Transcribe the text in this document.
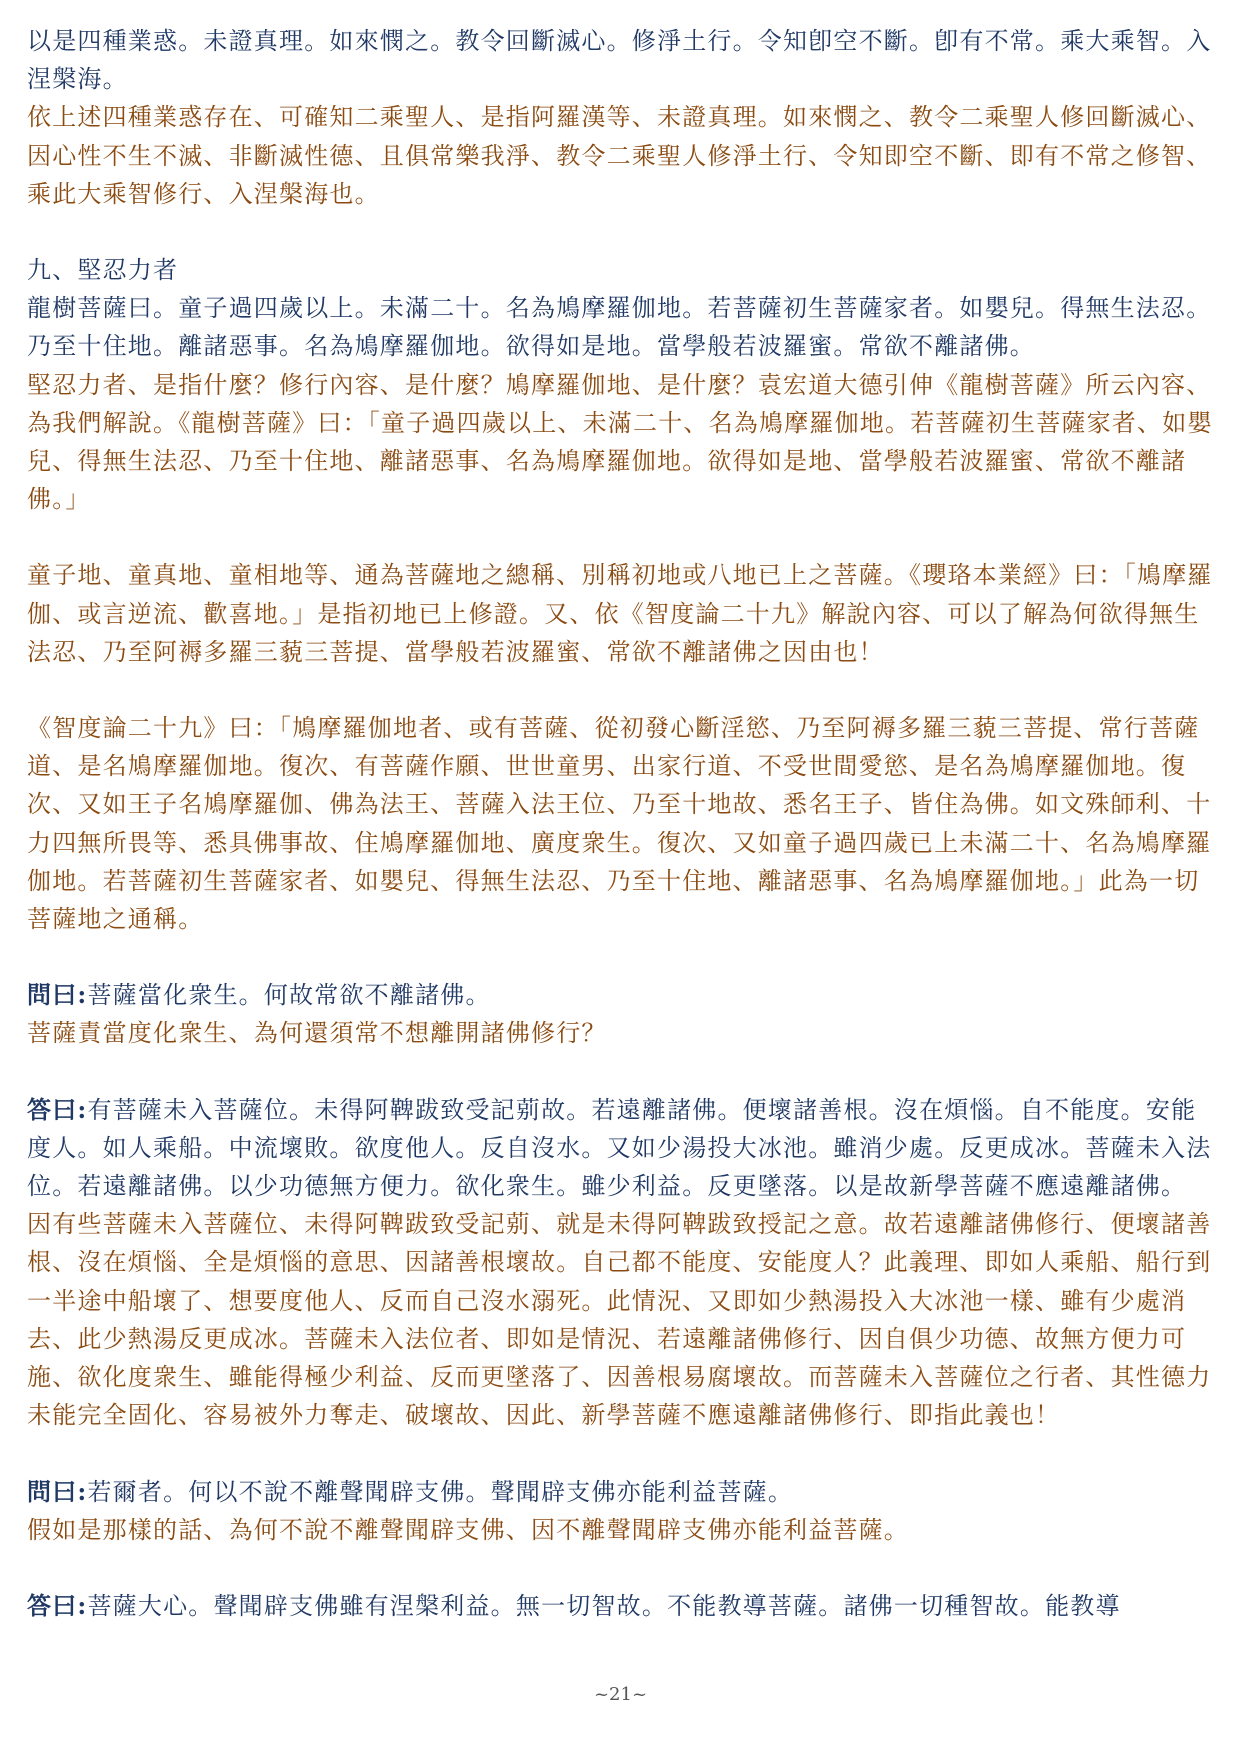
以是四種業惑。未證真理。如來憫之。教令回斷滅心。修淨土行。令知卽空不斷。卽有不常。乘大乘智。入涅槃海。

依上述四種業惑存在、可確知二乘聖人、是指阿羅漢等、未證真理。如來憫之、教令二乘聖人修回斷滅心、因心性不生不滅、非斷滅性德、且俱常樂我淨、教令二乘聖人修淨土行、令知即空不斷、即有不常之修智、乘此大乘智修行、入涅槃海也。

九、堅忍力者

龍樹菩薩曰。童子過四歲以上。未滿二十。名為鳩摩羅伽地。若菩薩初生菩薩家者。如嬰兒。得無生法忍。乃至十住地。離諸惡事。名為鳩摩羅伽地。欲得如是地。當學般若波羅蜜。常欲不離諸佛。

堅忍力者、是指什麼？修行內容、是什麼？鳩摩羅伽地、是什麼？袁宏道大德引伸《龍樹菩薩》所云內容、為我們解說。《龍樹菩薩》曰：「童子過四歲以上、未滿二十、名為鳩摩羅伽地。若菩薩初生菩薩家者、如嬰兒、得無生法忍、乃至十住地、離諸惡事、名為鳩摩羅伽地。欲得如是地、當學般若波羅蜜、常欲不離諸佛。」

童子地、童真地、童相地等、通為菩薩地之總稱、別稱初地或八地已上之菩薩。《瓔珞本業經》曰：「鳩摩羅伽、或言逆流、歡喜地。」是指初地已上修證。又、依《智度論二十九》解說內容、可以了解為何欲得無生法忍、乃至阿褥多羅三藐三菩提、當學般若波羅蜜、常欲不離諸佛之因由也！

《智度論二十九》曰：「鳩摩羅伽地者、或有菩薩、從初發心斷淫慾、乃至阿褥多羅三藐三菩提、常行菩薩道、是名鳩摩羅伽地。復次、有菩薩作願、世世童男、出家行道、不受世間愛慾、是名為鳩摩羅伽地。復次、又如王子名鳩摩羅伽、佛為法王、菩薩入法王位、乃至十地故、悉名王子、皆住為佛。如文殊師利、十力四無所畏等、悉具佛事故、住鳩摩羅伽地、廣度衆生。復次、又如童子過四歲已上未滿二十、名為鳩摩羅伽地。若菩薩初生菩薩家者、如嬰兒、得無生法忍、乃至十住地、離諸惡事、名為鳩摩羅伽地。」此為一切菩薩地之通稱。

問曰:菩薩當化衆生。何故常欲不離諸佛。

菩薩責當度化衆生、為何還須常不想離開諸佛修行？

答曰:有菩薩未入菩薩位。未得阿鞞跋致受記莂故。若遠離諸佛。便壞諸善根。沒在煩惱。自不能度。安能度人。如人乘船。中流壞敗。欲度他人。反自沒水。又如少湯投大冰池。雖消少處。反更成冰。菩薩未入法位。若遠離諸佛。以少功德無方便力。欲化衆生。雖少利益。反更墜落。以是故新學菩薩不應遠離諸佛。

因有些菩薩未入菩薩位、未得阿鞞跋致受記莂、就是未得阿鞞跋致授記之意。故若遠離諸佛修行、便壞諸善根、沒在煩惱、全是煩惱的意思、因諸善根壞故。自己都不能度、安能度人？此義理、即如人乘船、船行到一半途中船壞了、想要度他人、反而自己沒水溺死。此情況、又即如少熱湯投入大冰池一樣、雖有少處消去、此少熱湯反更成冰。菩薩未入法位者、即如是情況、若遠離諸佛修行、因自俱少功德、故無方便力可施、欲化度衆生、雖能得極少利益、反而更墜落了、因善根易腐壞故。而菩薩未入菩薩位之行者、其性德力未能完全固化、容易被外力奪走、破壞故、因此、新學菩薩不應遠離諸佛修行、即指此義也！

問曰:若爾者。何以不說不離聲聞辟支佛。聲聞辟支佛亦能利益菩薩。

假如是那樣的話、為何不說不離聲聞辟支佛、因不離聲聞辟支佛亦能利益菩薩。

答曰:菩薩大心。聲聞辟支佛雖有涅槃利益。無一切智故。不能教導菩薩。諸佛一切種智故。能教導

~21~
